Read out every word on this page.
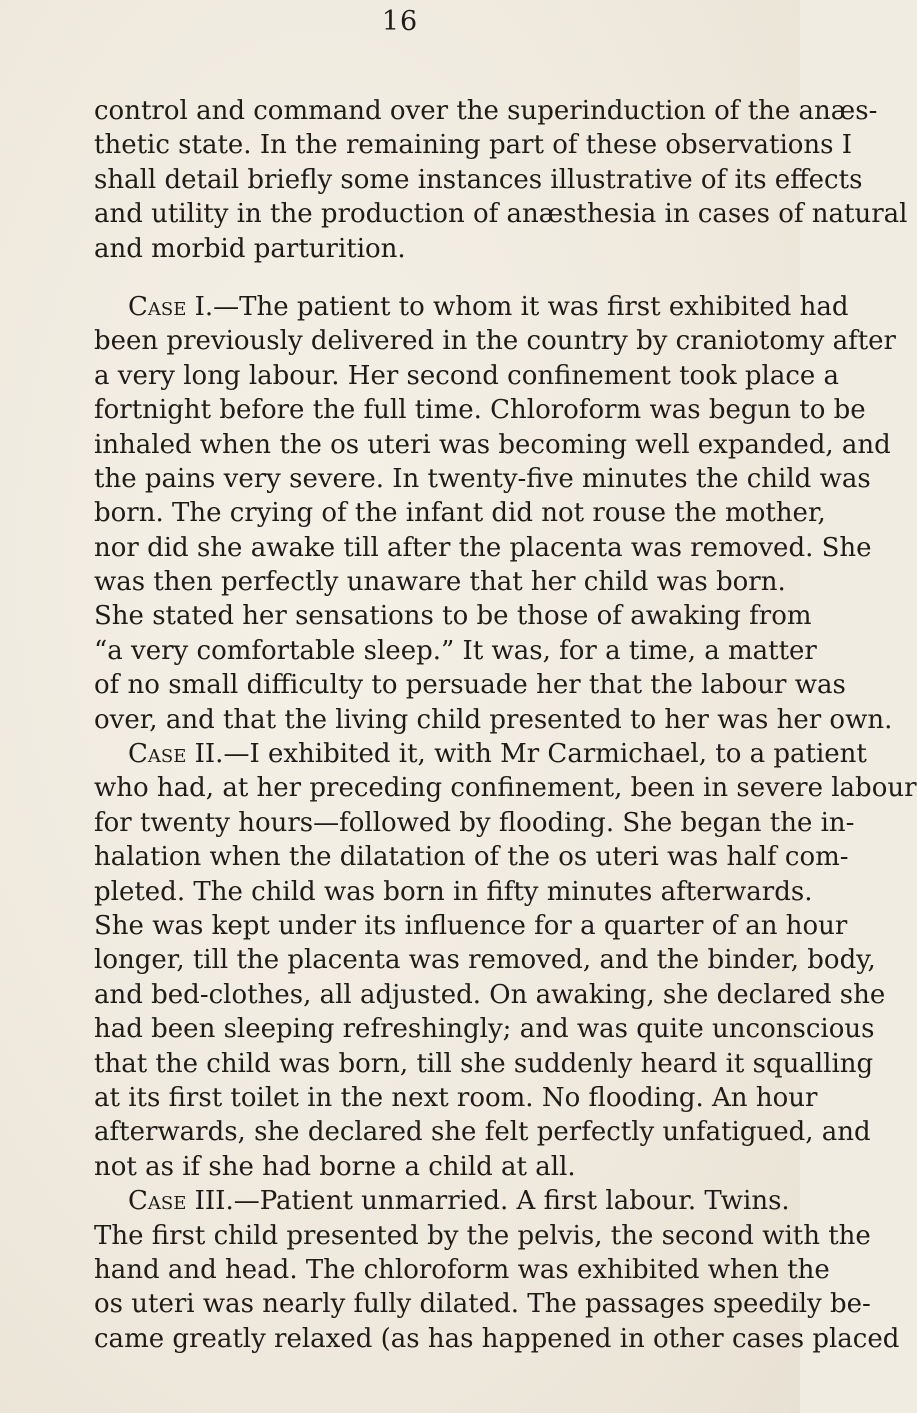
16
control and command over the superinduction of the anæs-
thetic state. In the remaining part of these observations I
shall detail briefly some instances illustrative of its effects
and utility in the production of anæsthesia in cases of natural
and morbid parturition.
Case I.—The patient to whom it was first exhibited had
been previously delivered in the country by craniotomy after
a very long labour. Her second confinement took place a
fortnight before the full time. Chloroform was begun to be
inhaled when the os uteri was becoming well expanded, and
the pains very severe. In twenty-five minutes the child was
born. The crying of the infant did not rouse the mother,
nor did she awake till after the placenta was removed. She
was then perfectly unaware that her child was born.
She stated her sensations to be those of awaking from
“a very comfortable sleep.” It was, for a time, a matter
of no small difficulty to persuade her that the labour was
over, and that the living child presented to her was her own.
Case II.—I exhibited it, with Mr Carmichael, to a patient
who had, at her preceding confinement, been in severe labour
for twenty hours—followed by flooding. She began the in-
halation when the dilatation of the os uteri was half com-
pleted. The child was born in fifty minutes afterwards.
She was kept under its influence for a quarter of an hour
longer, till the placenta was removed, and the binder, body,
and bed-clothes, all adjusted. On awaking, she declared she
had been sleeping refreshingly; and was quite unconscious
that the child was born, till she suddenly heard it squalling
at its first toilet in the next room. No flooding. An hour
afterwards, she declared she felt perfectly unfatigued, and
not as if she had borne a child at all.
Case III.—Patient unmarried. A first labour. Twins.
The first child presented by the pelvis, the second with the
hand and head. The chloroform was exhibited when the
os uteri was nearly fully dilated. The passages speedily be-
came greatly relaxed (as has happened in other cases placed
